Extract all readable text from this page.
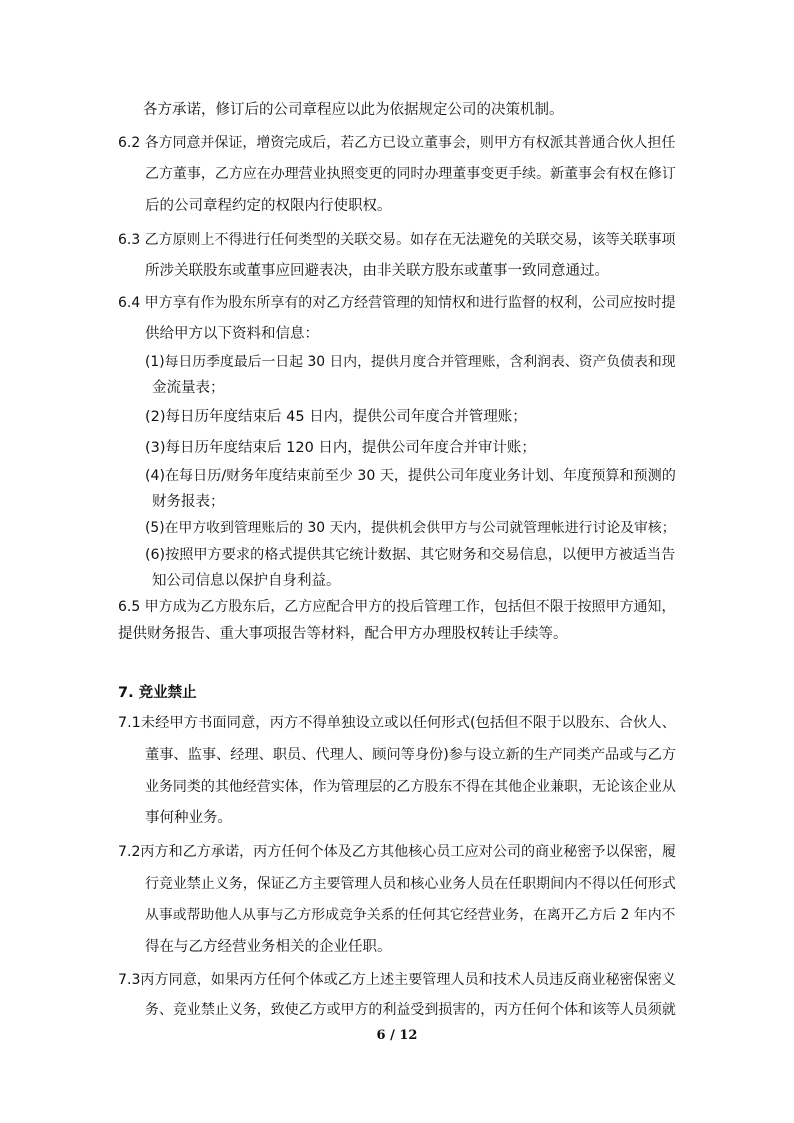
各方承诺，修订后的公司章程应以此为依据规定公司的决策机制。
6.2 各方同意并保证，增资完成后，若乙方已设立董事会，则甲方有权派其普通合伙人担任
乙方董事，乙方应在办理营业执照变更的同时办理董事变更手续。新董事会有权在修订
后的公司章程约定的权限内行使职权。
6.3 乙方原则上不得进行任何类型的关联交易。如存在无法避免的关联交易，该等关联事项
所涉关联股东或董事应回避表决，由非关联方股东或董事一致同意通过。
6.4 甲方享有作为股东所享有的对乙方经营管理的知情权和进行监督的权利，公司应按时提
供给甲方以下资料和信息：
(1)每日历季度最后一日起 30 日内，提供月度合并管理账，含利润表、资产负债表和现
金流量表；
(2)每日历年度结束后 45 日内，提供公司年度合并管理账；
(3)每日历年度结束后 120 日内，提供公司年度合并审计账；
(4)在每日历/财务年度结束前至少 30 天，提供公司年度业务计划、年度预算和预测的
财务报表；
(5)在甲方收到管理账后的 30 天内，提供机会供甲方与公司就管理帐进行讨论及审核；
(6)按照甲方要求的格式提供其它统计数据、其它财务和交易信息，以便甲方被适当告
知公司信息以保护自身利益。
6.5 甲方成为乙方股东后，乙方应配合甲方的投后管理工作，包括但不限于按照甲方通知，
提供财务报告、重大事项报告等材料，配合甲方办理股权转让手续等。
7. 竞业禁止
7.1未经甲方书面同意，丙方不得单独设立或以任何形式(包括但不限于以股东、合伙人、
董事、监事、经理、职员、代理人、顾问等身份)参与设立新的生产同类产品或与乙方
业务同类的其他经营实体，作为管理层的乙方股东不得在其他企业兼职，无论该企业从
事何种业务。
7.2丙方和乙方承诺，丙方任何个体及乙方其他核心员工应对公司的商业秘密予以保密，履
行竞业禁止义务，保证乙方主要管理人员和核心业务人员在任职期间内不得以任何形式
从事或帮助他人从事与乙方形成竞争关系的任何其它经营业务，在离开乙方后 2 年内不
得在与乙方经营业务相关的企业任职。
7.3丙方同意，如果丙方任何个体或乙方上述主要管理人员和技术人员违反商业秘密保密义
务、竞业禁止义务，致使乙方或甲方的利益受到损害的，丙方任何个体和该等人员须就
6 / 12
